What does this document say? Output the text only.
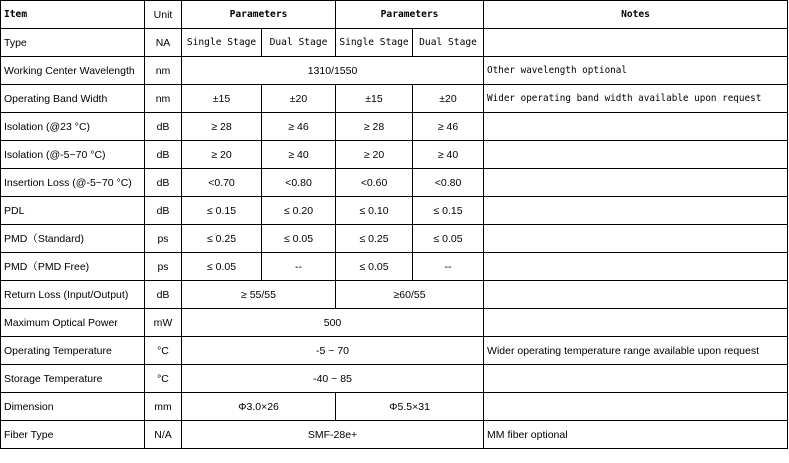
Item	Unit	Parameters		Parameters		Notes
Type	NA	Single Stage	Dual Stage	Single Stage	Dual Stage	
Working Center Wavelength	nm	1310/1550				Other wavelength optional
Operating Band Width	nm	±15	±20	±15	±20	Wider operating band width available upon request
Isolation (@23 °C)	dB	≥ 28	≥ 46	≥ 28	≥ 46	
Isolation (@-5~70 °C)	dB	≥ 20	≥ 40	≥ 20	≥ 40	
Insertion Loss (@-5~70 °C)	dB	<0.70	<0.80	<0.60	<0.80	
PDL	dB	≤ 0.15	≤ 0.20	≤ 0.10	≤ 0.15	
PMD（Standard)	ps	≤ 0.25	≤ 0.05	≤ 0.25	≤ 0.05	
PMD（PMD Free)	ps	≤ 0.05	--	≤ 0.05	--	
Return Loss (Input/Output)	dB	≥ 55/55		≥60/55		
Maximum Optical Power	mW	500				
Operating Temperature	°C	-5 ~ 70				Wider operating temperature range available upon request
Storage Temperature	°C	-40 ~ 85				
Dimension	mm	Φ3.0×26		Φ5.5×31		
Fiber Type	N/A	SMF-28e+				MM fiber optional
